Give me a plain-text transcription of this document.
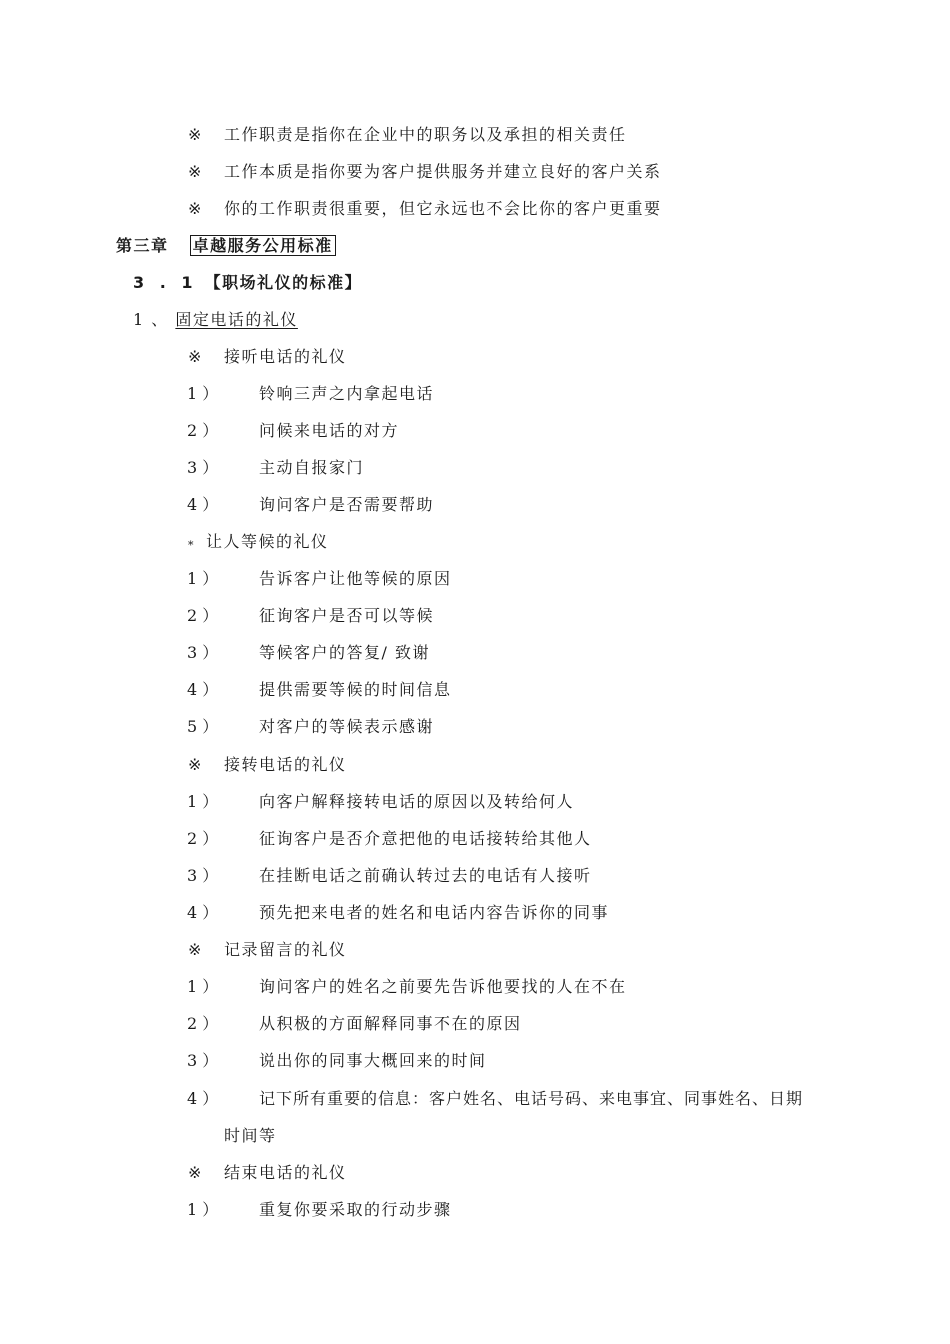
※ 工作职责是指你在企业中的职务以及承担的相关责任
※ 工作本质是指你要为客户提供服务并建立良好的客户关系
※ 你的工作职责很重要，但它永远也不会比你的客户更重要
第三章 卓越服务公用标准
3 . 1 【职场礼仪的标准】
1 、 固定电话的礼仪
※ 接听电话的礼仪
1 ）	铃响三声之内拿起电话
2 ）	问候来电话的对方
3 ）	主动自报家门
4 ）	询问客户是否需要帮助
⁎ 让人等候的礼仪
1 ）	告诉客户让他等候的原因
2 ）	征询客户是否可以等候
3 ）	等候客户的答复/ 致谢
4 ）	提供需要等候的时间信息
5 ）	对客户的等候表示感谢
※ 接转电话的礼仪
1 ）	向客户解释接转电话的原因以及转给何人
2 ）	征询客户是否介意把他的电话接转给其他人
3 ）	在挂断电话之前确认转过去的电话有人接听
4 ）	预先把来电者的姓名和电话内容告诉你的同事
※ 记录留言的礼仪
1 ）	询问客户的姓名之前要先告诉他要找的人在不在
2 ）	从积极的方面解释同事不在的原因
3 ）	说出你的同事大概回来的时间
4 ）	记下所有重要的信息：客户姓名、电话号码、来电事宜、同事姓名、日期
时间等
※ 结束电话的礼仪
1 ）	重复你要采取的行动步骤
